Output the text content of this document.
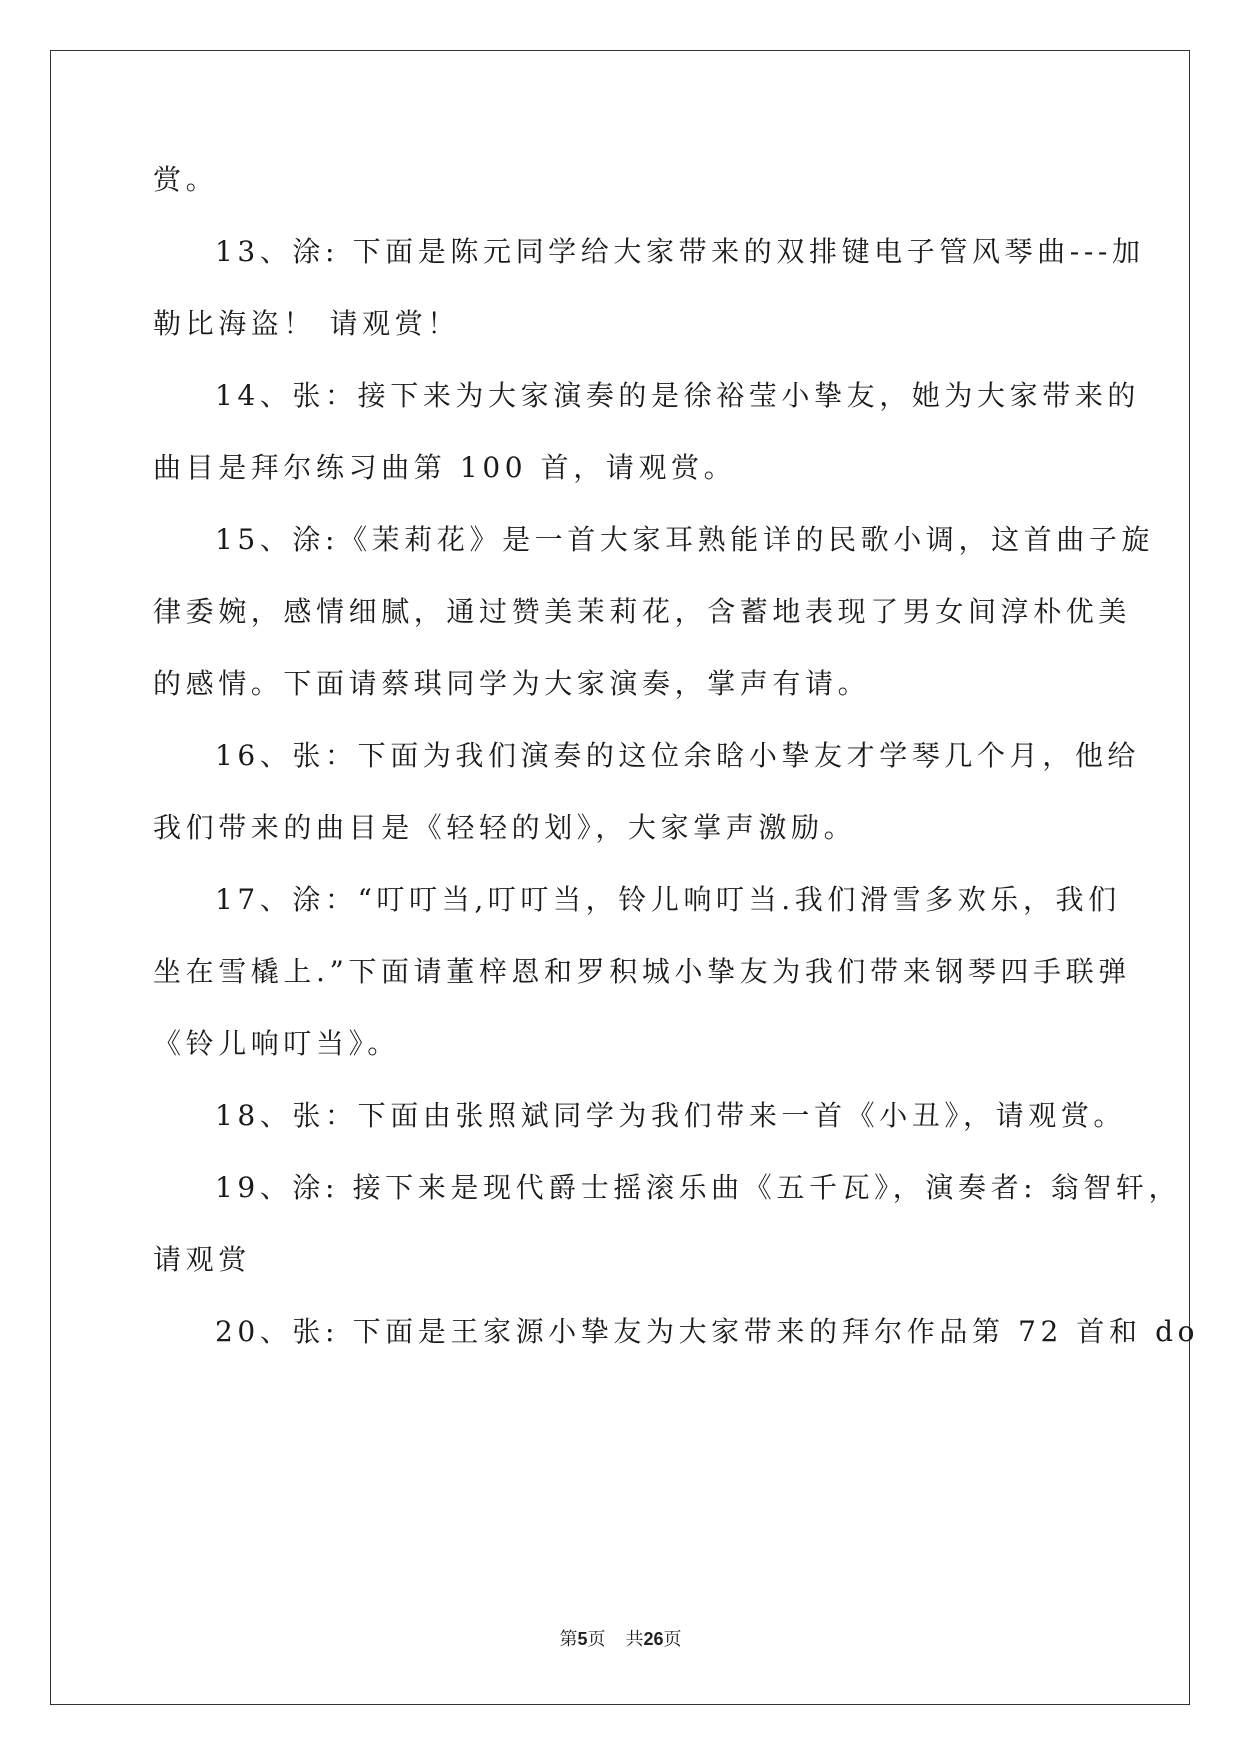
赏。
13、涂: 下面是陈元同学给大家带来的双排键电子管风琴曲---加
勒比海盗！ 请观赏！
14、张：接下来为大家演奏的是徐裕莹小挚友，她为大家带来的
曲目是拜尔练习曲第 100 首，请观赏。
15、涂:《茉莉花》是一首大家耳熟能详的民歌小调，这首曲子旋
律委婉，感情细腻，通过赞美茉莉花，含蓄地表现了男女间淳朴优美
的感情。下面请蔡琪同学为大家演奏，掌声有请。
16、张：下面为我们演奏的这位余晗小挚友才学琴几个月，他给
我们带来的曲目是《轻轻的划》，大家掌声激励。
17、涂：“叮叮当,叮叮当，铃儿响叮当.我们滑雪多欢乐，我们
坐在雪橇上.”下面请董梓恩和罗积城小挚友为我们带来钢琴四手联弹
《铃儿响叮当》。
18、张：下面由张照斌同学为我们带来一首《小丑》，请观赏。
19、涂: 接下来是现代爵士摇滚乐曲《五千瓦》，演奏者: 翁智轩，
请观赏
20、张: 下面是王家源小挚友为大家带来的拜尔作品第 72 首和 do
第5页 共26页
